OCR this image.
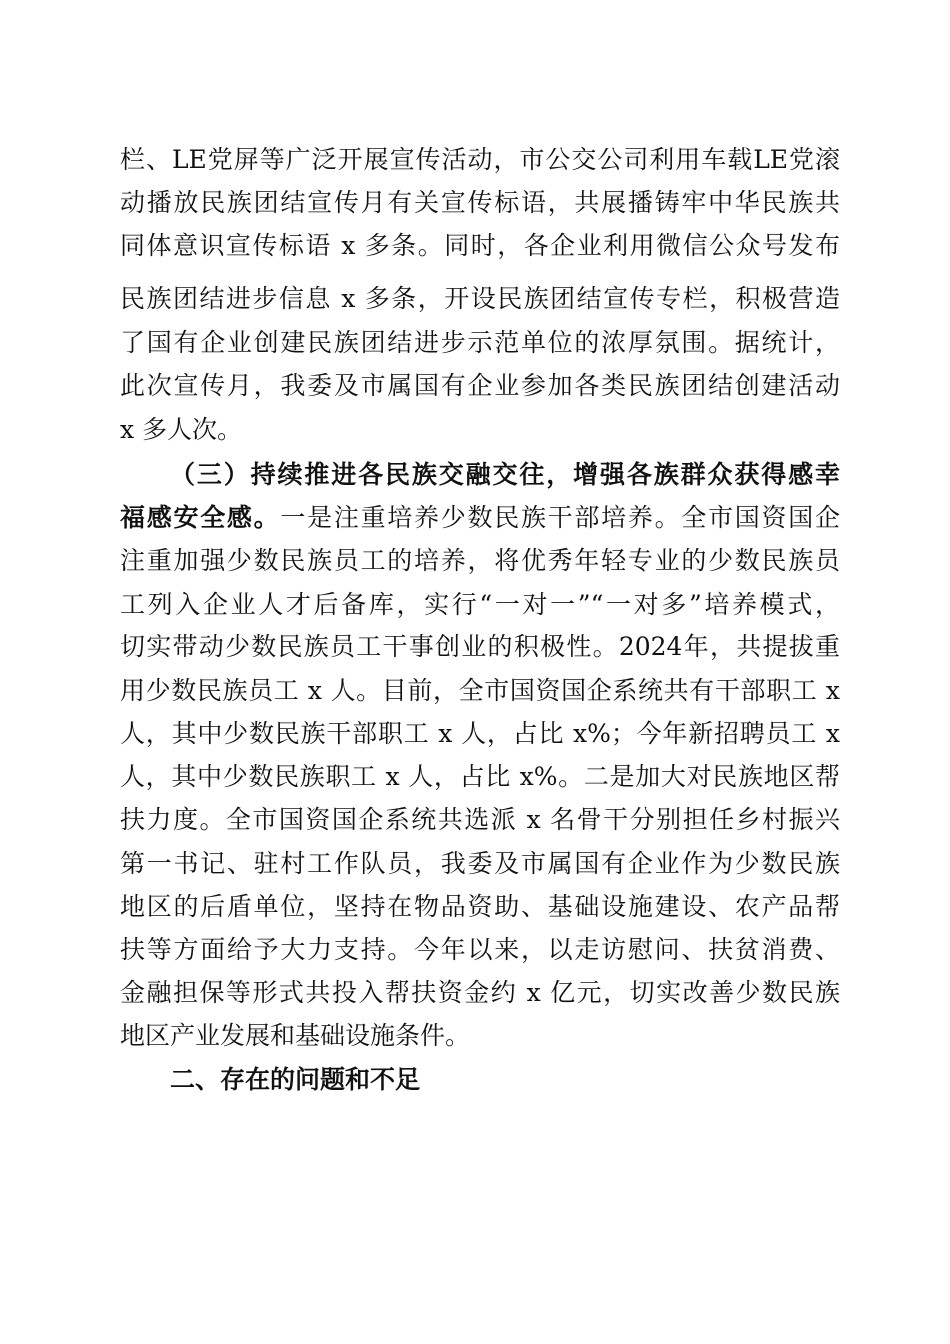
栏、LE党屏等广泛开展宣传活动，市公交公司利用车载LE党滚
动播放民族团结宣传月有关宣传标语，共展播铸牢中华民族共
同体意识宣传标语 x 多条。同时，各企业利用微信公众号发布
民族团结进步信息 x 多条，开设民族团结宣传专栏，积极营造
了国有企业创建民族团结进步示范单位的浓厚氛围。据统计，
此次宣传月，我委及市属国有企业参加各类民族团结创建活动
x 多人次。
（三）持续推进各民族交融交往，增强各族群众获得感幸
福感安全感。一是注重培养少数民族干部培养。全市国资国企
注重加强少数民族员工的培养，将优秀年轻专业的少数民族员
工列入企业人才后备库，实行“一对一”“一对多”培养模式，
切实带动少数民族员工干事创业的积极性。2024年，共提拔重
用少数民族员工 x 人。目前，全市国资国企系统共有干部职工 x
人，其中少数民族干部职工 x 人，占比 x%；今年新招聘员工 x
人，其中少数民族职工 x 人，占比 x%。二是加大对民族地区帮
扶力度。全市国资国企系统共选派 x 名骨干分别担任乡村振兴
第一书记、驻村工作队员，我委及市属国有企业作为少数民族
地区的后盾单位，坚持在物品资助、基础设施建设、农产品帮
扶等方面给予大力支持。今年以来，以走访慰问、扶贫消费、
金融担保等形式共投入帮扶资金约 x 亿元，切实改善少数民族
地区产业发展和基础设施条件。
二、存在的问题和不足
